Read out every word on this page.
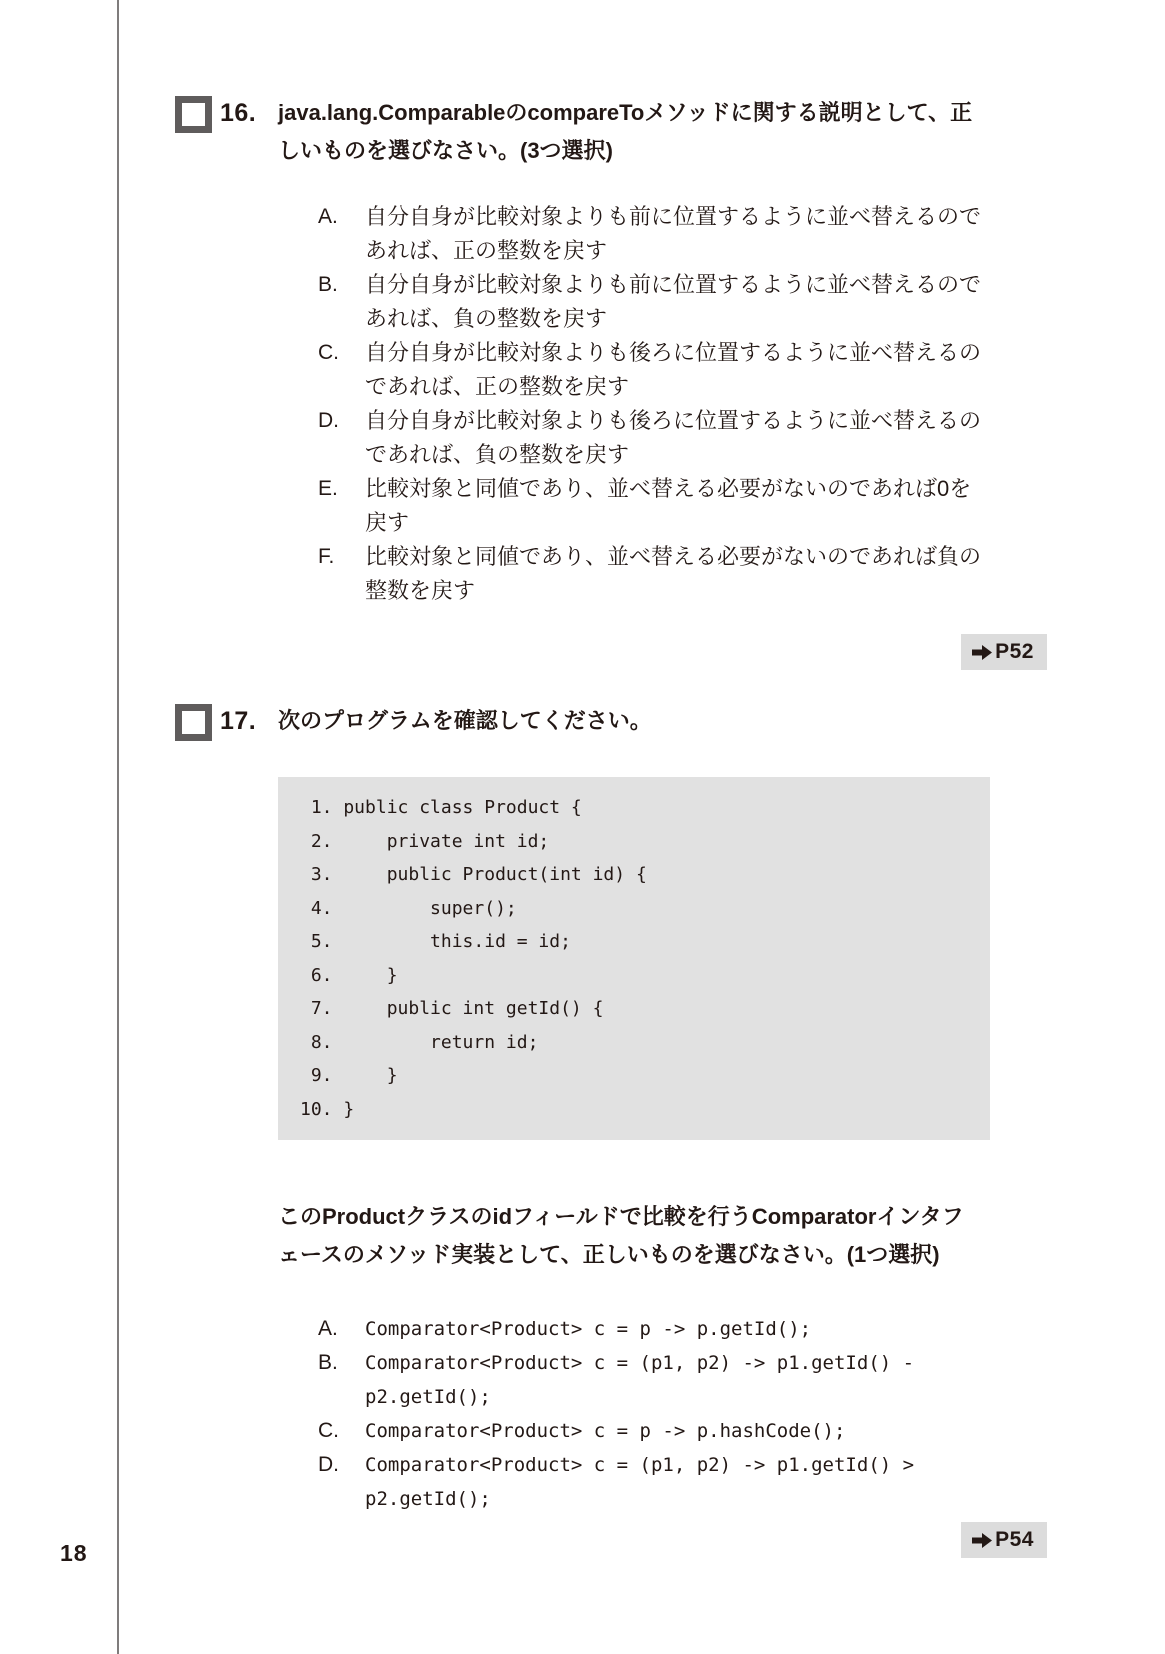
18
16. java.lang.ComparableのcompareToメソッドに関する説明として、正しいものを選びなさい。(3つ選択)
A.	自分自身が比較対象よりも前に位置するように並べ替えるのであれば、正の整数を戻す
B.	自分自身が比較対象よりも前に位置するように並べ替えるのであれば、負の整数を戻す
C.	自分自身が比較対象よりも後ろに位置するように並べ替えるのであれば、正の整数を戻す
D.	自分自身が比較対象よりも後ろに位置するように並べ替えるのであれば、負の整数を戻す
E.	比較対象と同値であり、並べ替える必要がないのであれば0を戻す
F.	比較対象と同値であり、並べ替える必要がないのであれば負の整数を戻す
P52
17. 次のプログラムを確認してください。
1. public class Product {
2.     private int id;
3.     public Product(int id) {
4.         super();
5.         this.id = id;
6.     }
7.     public int getId() {
8.         return id;
9.     }
10. }
このProductクラスのidフィールドで比較を行うComparatorインタフェースのメソッド実装として、正しいものを選びなさい。(1つ選択)
A.	Comparator<Product> c = p -> p.getId();
B.	Comparator<Product> c = (p1, p2) -> p1.getId() - p2.getId();
C.	Comparator<Product> c = p -> p.hashCode();
D.	Comparator<Product> c = (p1, p2) -> p1.getId() > p2.getId();
P54
